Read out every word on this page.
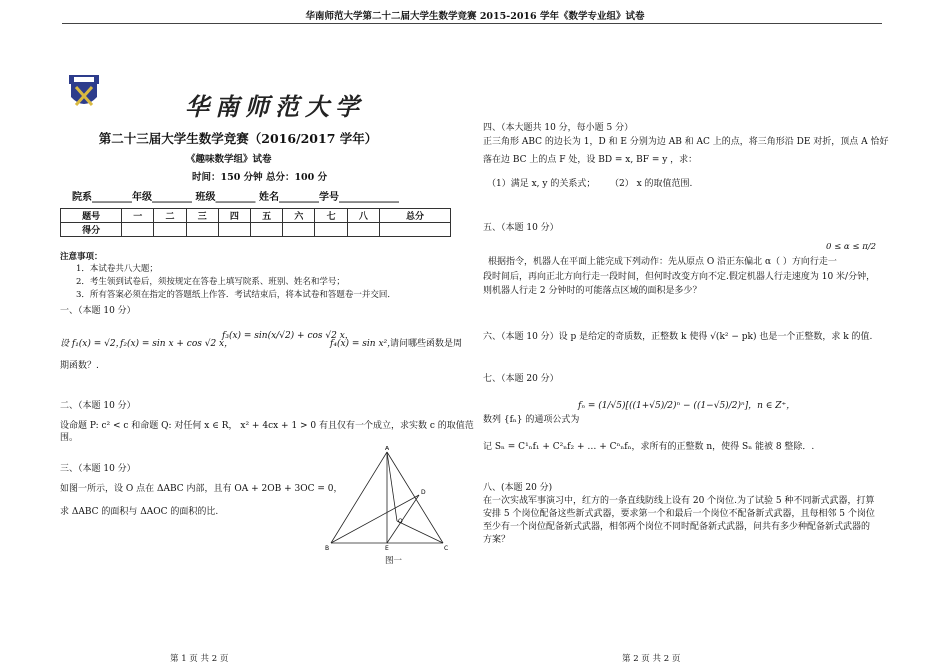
华南师范大学第二十二届大学生数学竞赛 2015-2016 学年《数学专业组》试卷
华南师范大学
第二十三届大学生数学竞赛（2016/2017 学年）
《趣味数学组》试卷
时间：150 分钟 总分：100 分
院系________年级________ 班级________ 姓名________学号____________
题号	一	二	三	四	五	六	七	八	总分
得分									
注意事项：
1．本试卷共八大题；
2．考生领到试卷后，须按规定在答卷上填写院系、班别、姓名和学号；
3．所有答案必须在指定的答题纸上作答．考试结束后，将本试卷和答题卷一并交回．
一、（本题 10 分）
设 f₁(x) = √2，
f₂(x) = sin x + cos √2 x，
f₃(x) = sin(x/√2) + cos √2 x，
f₄(x) = sin x²，
请问哪些函数是周
期函数？.
二、（本题 10 分）
设命题 P: c² < c 和命题 Q: 对任何 x ∈ R， x² + 4cx + 1 > 0 有且仅有一个成立，求实数 c 的取值范围。
三、（本题 10 分）
如图一所示，设 O 点在 ΔABC 内部，且有 OA + 2OB + 3OC = 0，
求 ΔABC 的面积与 ΔAOC 的面积的比.
A
B	C
D
E
O
图一
第 1 页 共 2 页
四、（本大题共 10 分，每小题 5 分）
正三角形 ABC 的边长为 1，D 和 E 分别为边 AB 和 AC 上的点，将三角形沿 DE 对折，顶点 A 恰好
落在边 BC 上的点 F 处，设 BD = x, BF = y ，求：
（1）满足 x, y 的关系式； （2） x 的取值范围.
五、（本题 10 分）
0 ≤ α ≤ π/2
根据指令，机器人在平面上能完成下列动作：先从原点 O 沿正东偏北 α（ ）方向行走一
段时间后，再向正北方向行走一段时间，但何时改变方向不定.假定机器人行走速度为 10 米/分钟，
则机器人行走 2 分钟时的可能落点区域的面积是多少？
六、（本题 10 分）设 p 是给定的奇质数，正整数 k 使得 √(k² − pk) 也是一个正整数，求 k 的值.
七、（本题 20 分）
fₙ = (1/√5)[((1+√5)/2)ⁿ − ((1−√5)/2)ⁿ]，n ∈ Z⁺，
数列 {fₙ} 的通项公式为
记 Sₙ = C¹ₙf₁ + C²ₙf₂ + … + Cⁿₙfₙ，求所有的正整数 n，使得 Sₙ 能被 8 整除．.
八、(本题 20 分)
在一次实战军事演习中，红方的一条直线防线上设有 20 个岗位.为了试验 5 种不同新式武器，打算
安排 5 个岗位配备这些新式武器，要求第一个和最后一个岗位不配备新式武器，且每相邻 5 个岗位
至少有一个岗位配备新式武器，相邻两个岗位不同时配备新式武器，问共有多少种配备新式武器的
方案？
第 2 页 共 2 页
